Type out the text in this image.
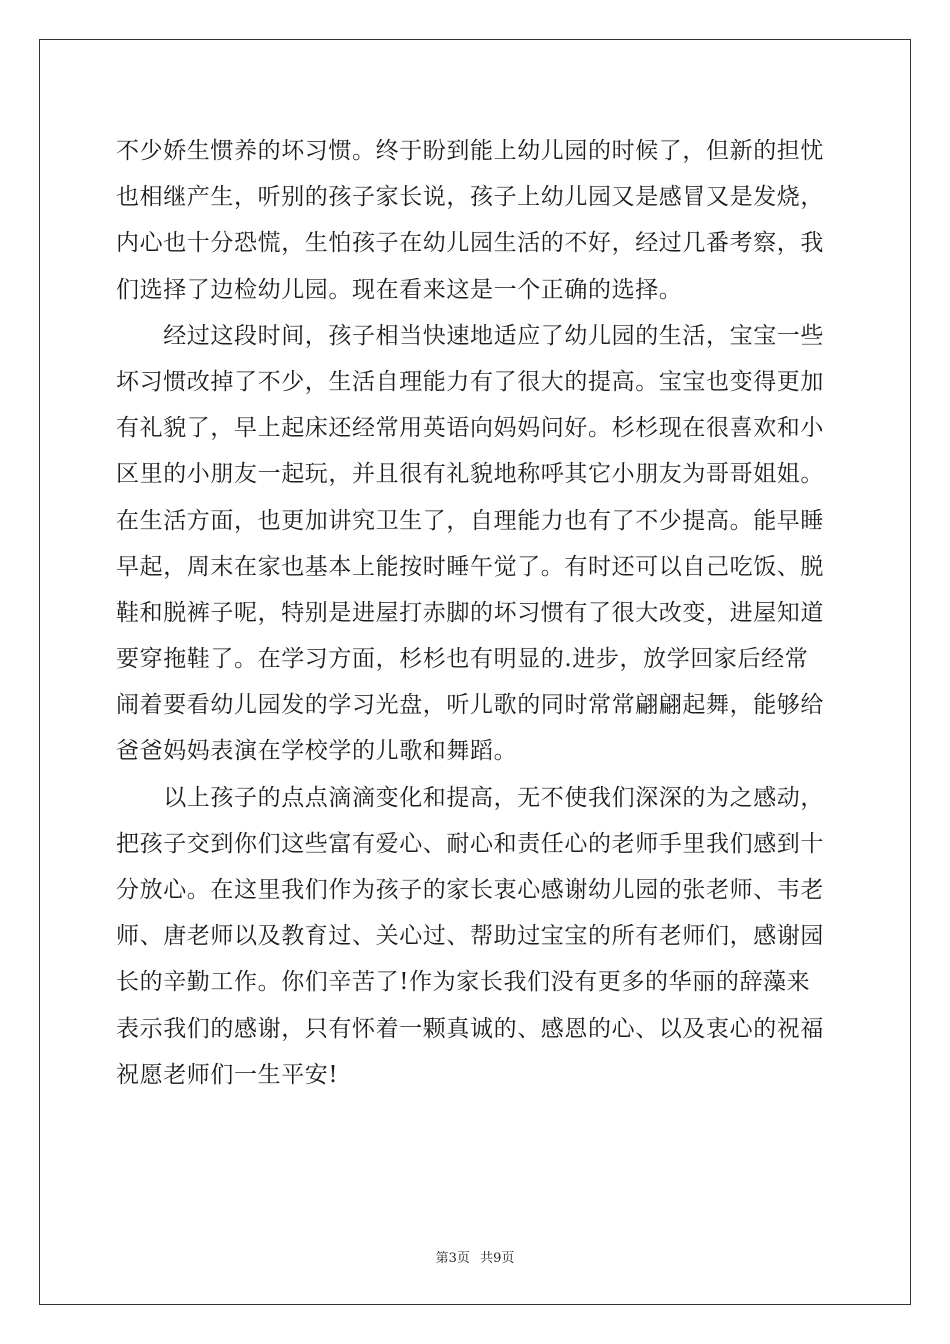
不少娇生惯养的坏习惯。终于盼到能上幼儿园的时候了，但新的担忧
也相继产生，听别的孩子家长说，孩子上幼儿园又是感冒又是发烧，
内心也十分恐慌，生怕孩子在幼儿园生活的不好，经过几番考察，我
们选择了边检幼儿园。现在看来这是一个正确的选择。
　　经过这段时间，孩子相当快速地适应了幼儿园的生活，宝宝一些
坏习惯改掉了不少，生活自理能力有了很大的提高。宝宝也变得更加
有礼貌了，早上起床还经常用英语向妈妈问好。杉杉现在很喜欢和小
区里的小朋友一起玩，并且很有礼貌地称呼其它小朋友为哥哥姐姐。
在生活方面，也更加讲究卫生了，自理能力也有了不少提高。能早睡
早起，周末在家也基本上能按时睡午觉了。有时还可以自己吃饭、脱
鞋和脱裤子呢，特别是进屋打赤脚的坏习惯有了很大改变，进屋知道
要穿拖鞋了。在学习方面，杉杉也有明显的.进步，放学回家后经常
闹着要看幼儿园发的学习光盘，听儿歌的同时常常翩翩起舞，能够给
爸爸妈妈表演在学校学的儿歌和舞蹈。
　　以上孩子的点点滴滴变化和提高，无不使我们深深的为之感动，
把孩子交到你们这些富有爱心、耐心和责任心的老师手里我们感到十
分放心。在这里我们作为孩子的家长衷心感谢幼儿园的张老师、韦老
师、唐老师以及教育过、关心过、帮助过宝宝的所有老师们，感谢园
长的辛勤工作。你们辛苦了!作为家长我们没有更多的华丽的辞藻来
表示我们的感谢，只有怀着一颗真诚的、感恩的心、以及衷心的祝福
祝愿老师们一生平安!
第3页 共9页
